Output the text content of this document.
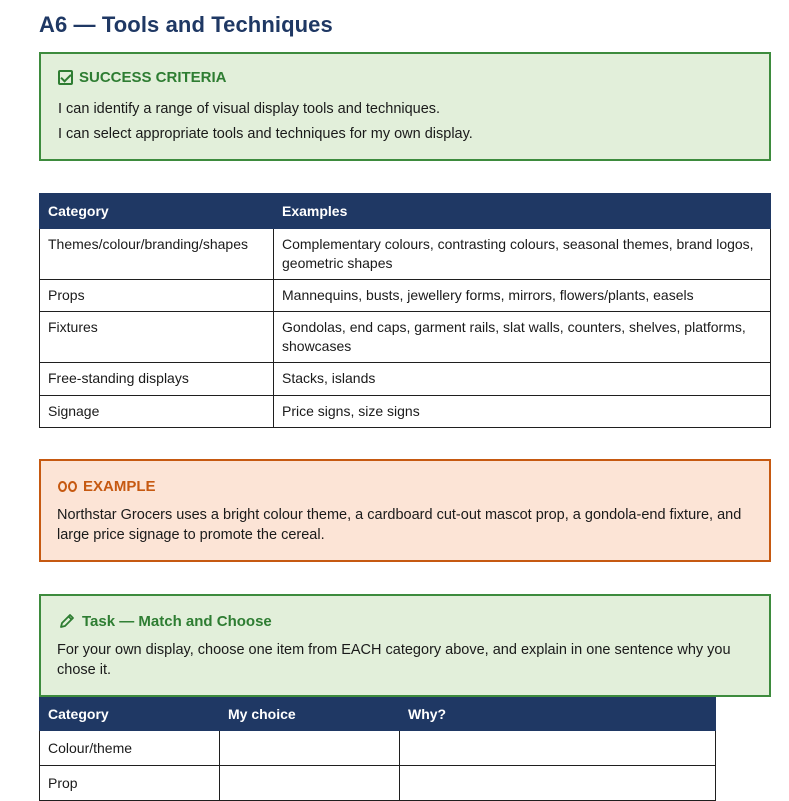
A6 — Tools and Techniques
SUCCESS CRITERIA
I can identify a range of visual display tools and techniques.
I can select appropriate tools and techniques for my own display.
Category	Examples
Themes/colour/branding/shapes	Complementary colours, contrasting colours, seasonal themes, brand logos, geometric shapes
Props	Mannequins, busts, jewellery forms, mirrors, flowers/plants, easels
Fixtures	Gondolas, end caps, garment rails, slat walls, counters, shelves, platforms, showcases
Free-standing displays	Stacks, islands
Signage	Price signs, size signs
EXAMPLE
Northstar Grocers uses a bright colour theme, a cardboard cut-out mascot prop, a gondola-end fixture, and large price signage to promote the cereal.
Task — Match and Choose
For your own display, choose one item from EACH category above, and explain in one sentence why you chose it.
Category	My choice	Why?
Colour/theme		
Prop		
